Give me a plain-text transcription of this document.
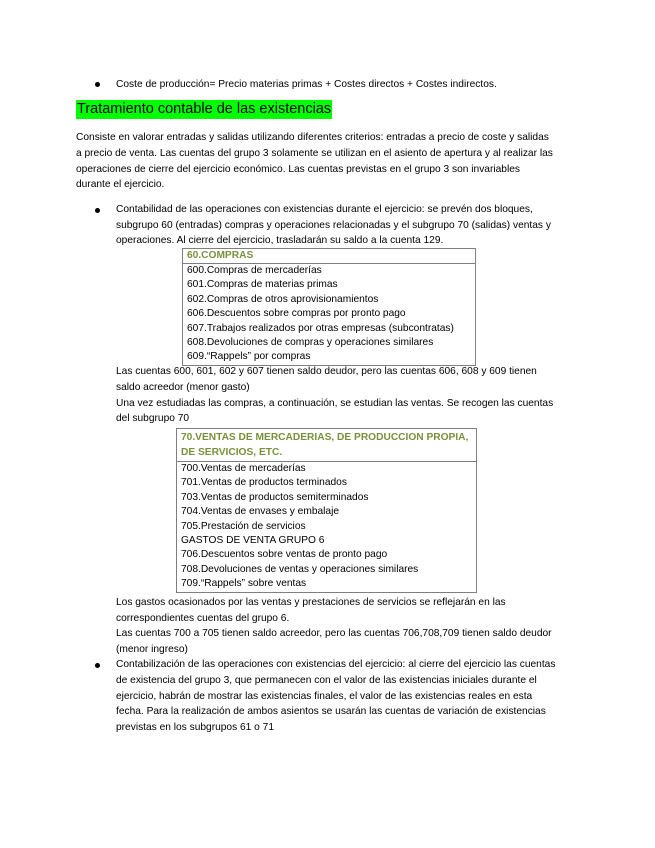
Coste de producción= Precio materias primas + Costes directos + Costes indirectos.
Tratamiento contable de las existencias
Consiste en valorar entradas y salidas utilizando diferentes criterios: entradas a precio de coste y salidas
a precio de venta. Las cuentas del grupo 3 solamente se utilizan en el asiento de apertura y al realizar las
operaciones de cierre del ejercicio económico. Las cuentas previstas en el grupo 3 son invariables
durante el ejercicio.
Contabilidad de las operaciones con existencias durante el ejercicio: se prevén dos bloques,
subgrupo 60 (entradas) compras y operaciones relacionadas y el subgrupo 70 (salidas) ventas y
operaciones. Al cierre del ejercicio, trasladarán su saldo a la cuenta 129.
60.COMPRAS
600.Compras de mercaderías
601.Compras de materias primas
602.Compras de otros aprovisionamientos
606.Descuentos sobre compras por pronto pago
607.Trabajos realizados por otras empresas (subcontratas)
608.Devoluciones de compras y operaciones similares
609.“Rappels” por compras
Las cuentas 600, 601, 602 y 607 tienen saldo deudor, pero las cuentas 606, 608 y 609 tienen
saldo acreedor (menor gasto)
Una vez estudiadas las compras, a continuación, se estudian las ventas. Se recogen las cuentas
del subgrupo 70
70.VENTAS DE MERCADERIAS, DE PRODUCCION PROPIA,
DE SERVICIOS, ETC.
700.Ventas de mercaderías
701.Ventas de productos terminados
703.Ventas de productos semiterminados
704.Ventas de envases y embalaje
705.Prestación de servicios
GASTOS DE VENTA GRUPO 6
706.Descuentos sobre ventas de pronto pago
708.Devoluciones de ventas y operaciones similares
709.“Rappels” sobre ventas
Los gastos ocasionados por las ventas y prestaciones de servicios se reflejarán en las
correspondientes cuentas del grupo 6.
Las cuentas 700 a 705 tienen saldo acreedor, pero las cuentas 706,708,709 tienen saldo deudor
(menor ingreso)
Contabilización de las operaciones con existencias del ejercicio: al cierre del ejercicio las cuentas
de existencia del grupo 3, que permanecen con el valor de las existencias iniciales durante el
ejercicio, habrán de mostrar las existencias finales, el valor de las existencias reales en esta
fecha. Para la realización de ambos asientos se usarán las cuentas de variación de existencias
previstas en los subgrupos 61 o 71
